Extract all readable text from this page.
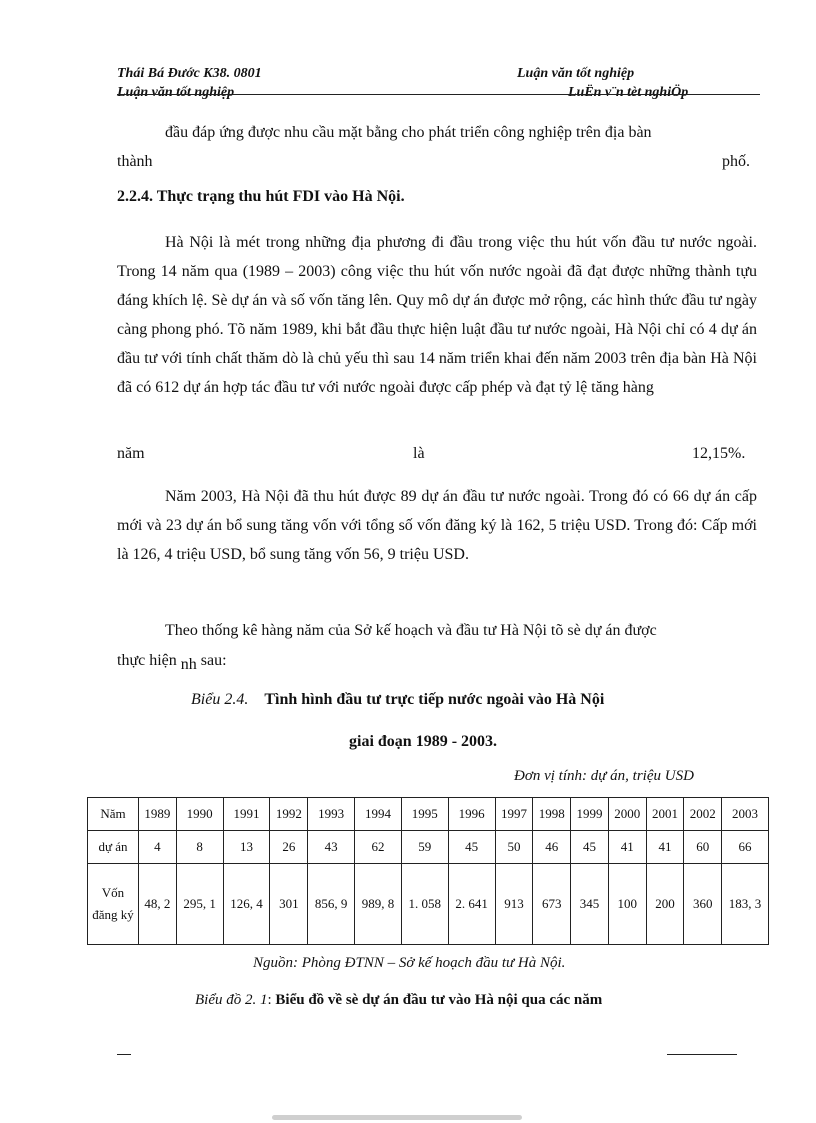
Thái Bá Đước K38. 0801	Luận văn tốt nghiệp
Luận văn tốt nghiệp	LuËn v¨n tèt nghiÖp
đầu đáp ứng được nhu cầu mặt bằng cho phát triển công nghiệp trên địa bàn
thành	phố.
2.2.4. Thực trạng thu hút FDI vào Hà Nội.
Hà Nội là mét trong những địa phương đi đầu trong việc thu hút vốn đầu tư nước ngoài. Trong 14 năm qua (1989 – 2003) công việc thu hút vốn nước ngoài đã đạt được những thành tựu đáng khích lệ. Sè dự án và số vốn tăng lên. Quy mô dự án được mở rộng, các hình thức đầu tư ngày càng phong phó. Tõ năm 1989, khi bắt đầu thực hiện luật đầu tư nước ngoài, Hà Nội chỉ có 4 dự án đầu tư với tính chất thăm dò là chủ yếu thì sau 14 năm triển khai đến năm 2003 trên địa bàn Hà Nội đã có 612 dự án hợp tác đầu tư với nước ngoài được cấp phép và đạt tỷ lệ tăng hàng
năm	là	12,15%.
Năm 2003, Hà Nội đã thu hút được 89 dự án đầu tư nước ngoài. Trong đó có 66 dự án cấp mới và 23 dự án bổ sung tăng vốn với tổng số vốn đăng ký là 162, 5 triệu USD. Trong đó: Cấp mới là 126, 4 triệu USD, bổ sung tăng vốn 56, 9 triệu USD.
Theo thống kê hàng năm của Sở kế hoạch và đầu tư Hà Nội tõ sè dự án được
thực hiện nh sau:
Biểu 2.4. Tình hình đầu tư trực tiếp nước ngoài vào Hà Nội
giai đoạn 1989 - 2003.
Đơn vị tính: dự án, triệu USD
Năm	1989	1990	1991	1992	1993	1994	1995	1996	1997	1998	1999	2000	2001	2002	2003
dự án	4	8	13	26	43	62	59	45	50	46	45	41	41	60	66
Vốn đăng ký	48, 2	295, 1	126, 4	301	856, 9	989, 8	1. 058	2. 641	913	673	345	100	200	360	183, 3
Nguồn: Phòng ĐTNN – Sở kế hoạch đầu tư Hà Nội.
Biểu đồ 2. 1: Biểu đồ về sè dự án đầu tư vào Hà nội qua các năm
